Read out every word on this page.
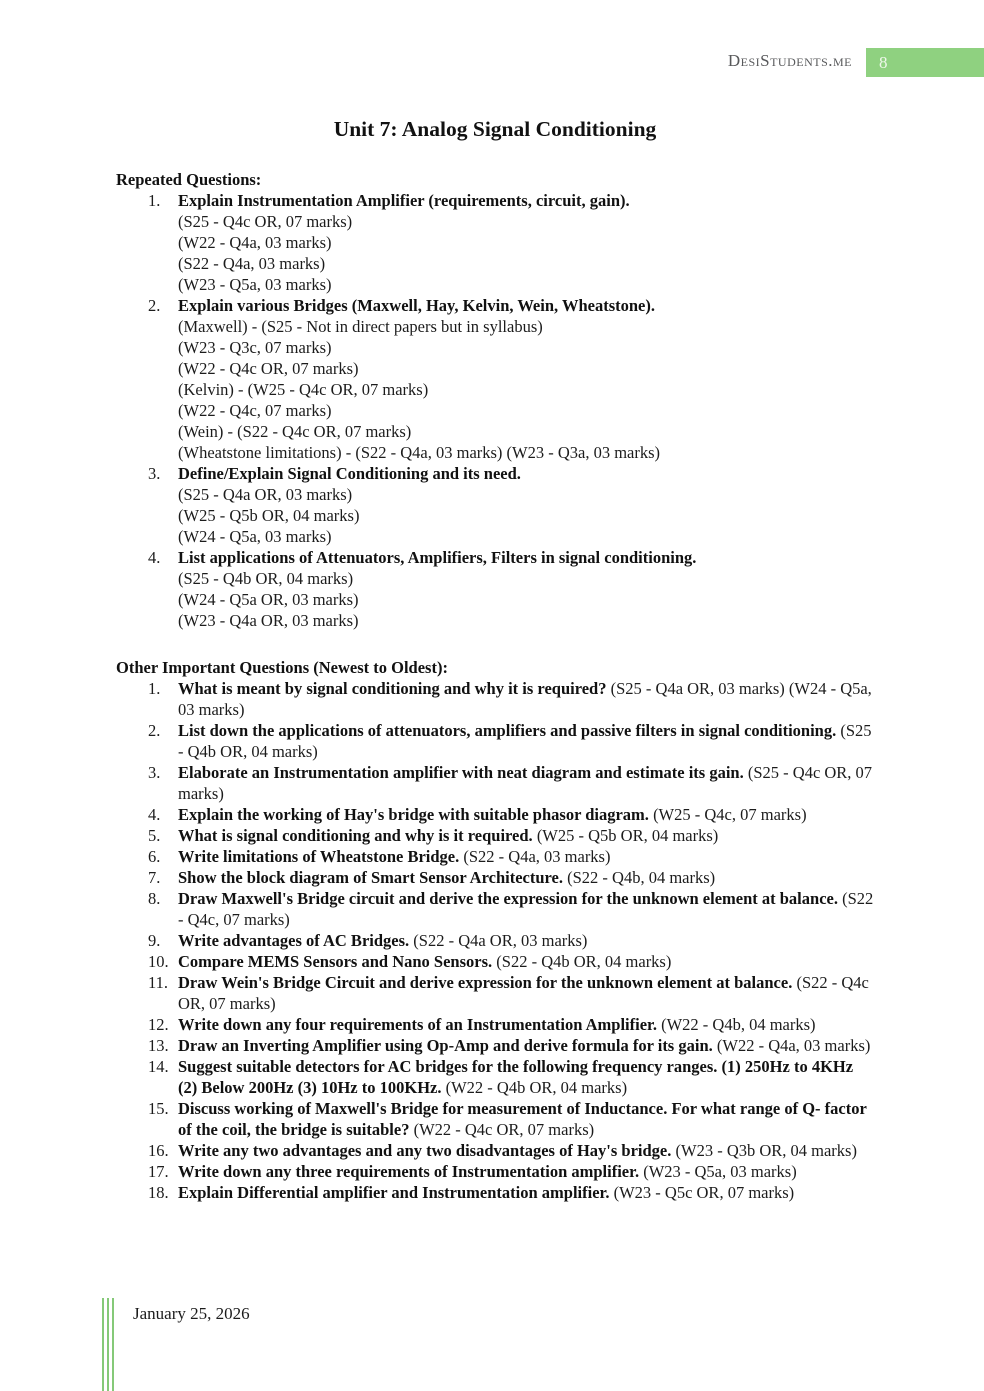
DesiStudents.me	8
Unit 7: Analog Signal Conditioning
Repeated Questions:
1.	Explain Instrumentation Amplifier (requirements, circuit, gain).
(S25 - Q4c OR, 07 marks)
(W22 - Q4a, 03 marks)
(S22 - Q4a, 03 marks)
(W23 - Q5a, 03 marks)
2.	Explain various Bridges (Maxwell, Hay, Kelvin, Wein, Wheatstone).
(Maxwell) - (S25 - Not in direct papers but in syllabus)
(W23 - Q3c, 07 marks)
(W22 - Q4c OR, 07 marks)
(Kelvin) - (W25 - Q4c OR, 07 marks)
(W22 - Q4c, 07 marks)
(Wein) - (S22 - Q4c OR, 07 marks)
(Wheatstone limitations) - (S22 - Q4a, 03 marks) (W23 - Q3a, 03 marks)
3.	Define/Explain Signal Conditioning and its need.
(S25 - Q4a OR, 03 marks)
(W25 - Q5b OR, 04 marks)
(W24 - Q5a, 03 marks)
4.	List applications of Attenuators, Amplifiers, Filters in signal conditioning.
(S25 - Q4b OR, 04 marks)
(W24 - Q5a OR, 03 marks)
(W23 - Q4a OR, 03 marks)
Other Important Questions (Newest to Oldest):
1.	What is meant by signal conditioning and why it is required? (S25 - Q4a OR, 03 marks) (W24 - Q5a, 03 marks)
2.	List down the applications of attenuators, amplifiers and passive filters in signal conditioning. (S25 - Q4b OR, 04 marks)
3.	Elaborate an Instrumentation amplifier with neat diagram and estimate its gain. (S25 - Q4c OR, 07 marks)
4.	Explain the working of Hay's bridge with suitable phasor diagram. (W25 - Q4c, 07 marks)
5.	What is signal conditioning and why is it required. (W25 - Q5b OR, 04 marks)
6.	Write limitations of Wheatstone Bridge. (S22 - Q4a, 03 marks)
7.	Show the block diagram of Smart Sensor Architecture. (S22 - Q4b, 04 marks)
8.	Draw Maxwell's Bridge circuit and derive the expression for the unknown element at balance. (S22 - Q4c, 07 marks)
9.	Write advantages of AC Bridges. (S22 - Q4a OR, 03 marks)
10. Compare MEMS Sensors and Nano Sensors. (S22 - Q4b OR, 04 marks)
11. Draw Wein's Bridge Circuit and derive expression for the unknown element at balance. (S22 - Q4c OR, 07 marks)
12. Write down any four requirements of an Instrumentation Amplifier. (W22 - Q4b, 04 marks)
13. Draw an Inverting Amplifier using Op-Amp and derive formula for its gain. (W22 - Q4a, 03 marks)
14. Suggest suitable detectors for AC bridges for the following frequency ranges. (1) 250Hz to 4KHz (2) Below 200Hz (3) 10Hz to 100KHz. (W22 - Q4b OR, 04 marks)
15. Discuss working of Maxwell's Bridge for measurement of Inductance. For what range of Q- factor of the coil, the bridge is suitable? (W22 - Q4c OR, 07 marks)
16. Write any two advantages and any two disadvantages of Hay's bridge. (W23 - Q3b OR, 04 marks)
17. Write down any three requirements of Instrumentation amplifier. (W23 - Q5a, 03 marks)
18. Explain Differential amplifier and Instrumentation amplifier. (W23 - Q5c OR, 07 marks)
January 25, 2026
